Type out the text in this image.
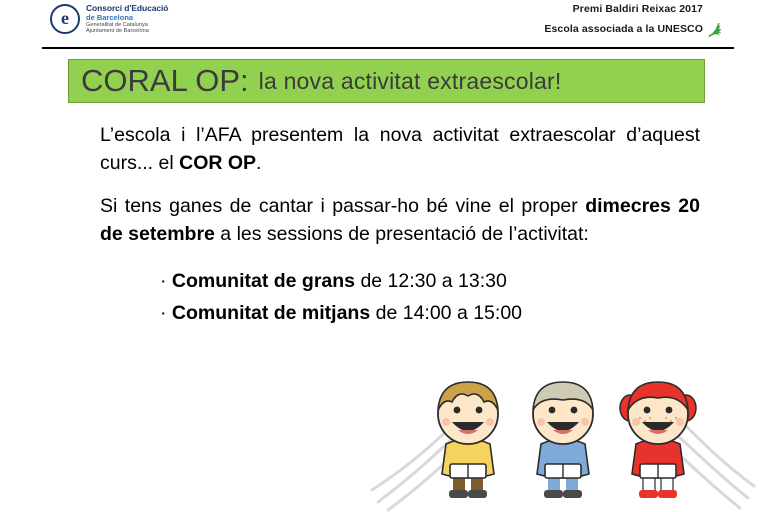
e
Consorci d'Educació
de Barcelona
Generalitat de Catalunya
Ajuntament de Barcelona
Premi Baldiri Reixac 2017
Escola associada a la UNESCO
CORAL OP: la nova activitat extraescolar!

L’escola i l’AFA presentem la nova activitat extraescolar d’aquest curs... el COR OP.

Si tens ganes de cantar i passar-ho bé vine el proper dimecres 20 de setembre a les sessions de presentació de l’activitat:

· Comunitat de grans de 12:30 a 13:30
· Comunitat de mitjans de 14:00 a 15:00
